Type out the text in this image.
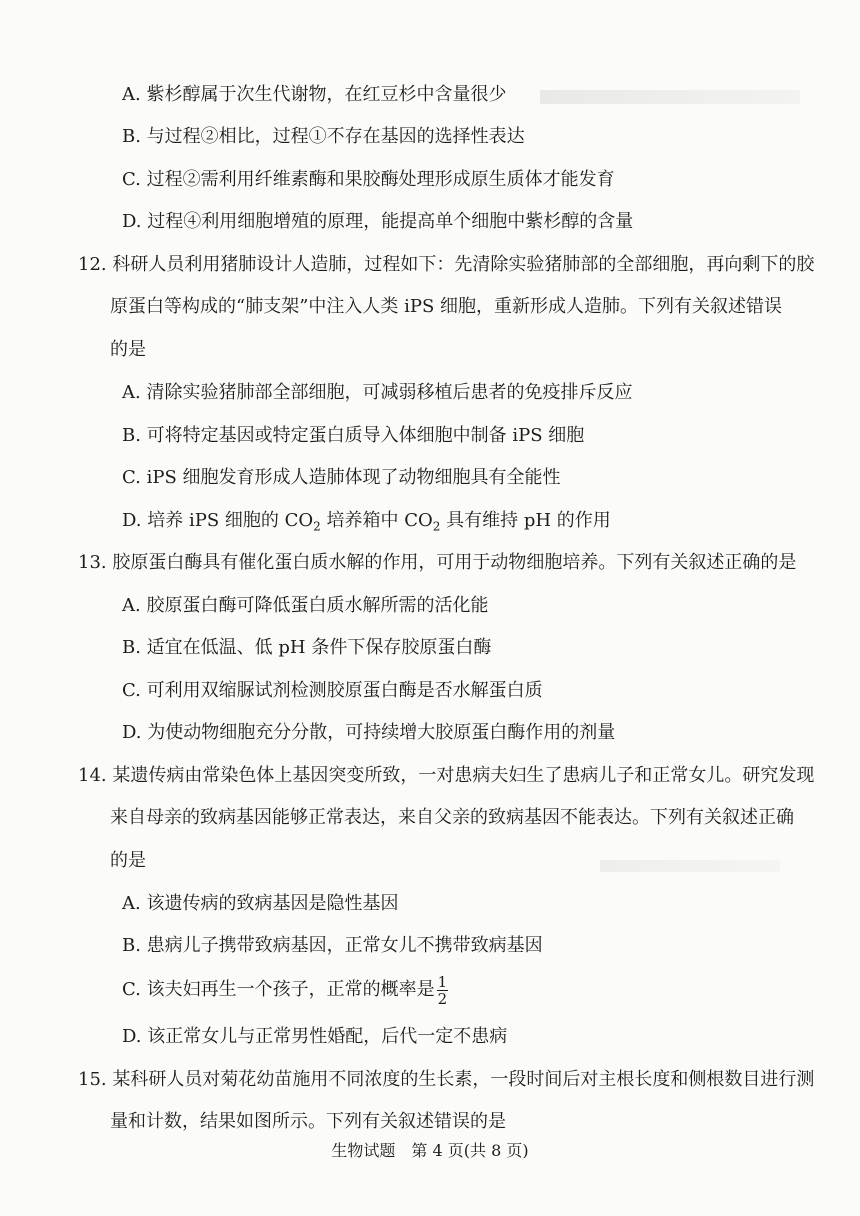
A. 紫杉醇属于次生代谢物，在红豆杉中含量很少
B. 与过程②相比，过程①不存在基因的选择性表达
C. 过程②需利用纤维素酶和果胶酶处理形成原生质体才能发育
D. 过程④利用细胞增殖的原理，能提高单个细胞中紫杉醇的含量
12. 科研人员利用猪肺设计人造肺，过程如下：先清除实验猪肺部的全部细胞，再向剩下的胶
原蛋白等构成的“肺支架”中注入人类 iPS 细胞，重新形成人造肺。下列有关叙述错误
的是
A. 清除实验猪肺部全部细胞，可减弱移植后患者的免疫排斥反应
B. 可将特定基因或特定蛋白质导入体细胞中制备 iPS 细胞
C. iPS 细胞发育形成人造肺体现了动物细胞具有全能性
D. 培养 iPS 细胞的 $CO_2$ 培养箱中 $CO_2$ 具有维持 pH 的作用
13. 胶原蛋白酶具有催化蛋白质水解的作用，可用于动物细胞培养。下列有关叙述正确的是
A. 胶原蛋白酶可降低蛋白质水解所需的活化能
B. 适宜在低温、低 pH 条件下保存胶原蛋白酶
C. 可利用双缩脲试剂检测胶原蛋白酶是否水解蛋白质
D. 为使动物细胞充分分散，可持续增大胶原蛋白酶作用的剂量
14. 某遗传病由常染色体上基因突变所致，一对患病夫妇生了患病儿子和正常女儿。研究发现
来自母亲的致病基因能够正常表达，来自父亲的致病基因不能表达。下列有关叙述正确
的是
A. 该遗传病的致病基因是隐性基因
B. 患病儿子携带致病基因，正常女儿不携带致病基因
C. 该夫妇再生一个孩子，正常的概率是 $\frac{1}{2}$
D. 该正常女儿与正常男性婚配，后代一定不患病
15. 某科研人员对菊花幼苗施用不同浓度的生长素，一段时间后对主根长度和侧根数目进行测
量和计数，结果如图所示。下列有关叙述错误的是
生物试题　第 4 页(共 8 页)
